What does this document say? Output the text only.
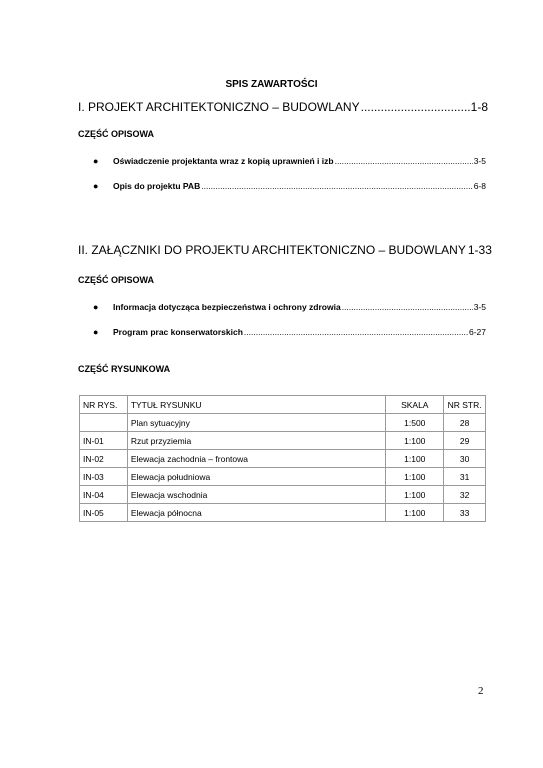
SPIS ZAWARTOŚCI
I. PROJEKT ARCHITEKTONICZNO – BUDOWLANY .....	1-8
CZĘŚĆ OPISOWA
●	Oświadczenie projektanta wraz z kopią uprawnień i izb .....	3-5
●	Opis do projektu PAB .....	6-8
II. ZAŁĄCZNIKI DO PROJEKTU ARCHITEKTONICZNO – BUDOWLANY 1-33
CZĘŚĆ OPISOWA
●	Informacja dotycząca bezpieczeństwa i ochrony zdrowia .....	3-5
●	Program prac konserwatorskich .....	6-27
CZĘŚĆ RYSUNKOWA
NR RYS.	TYTUŁ RYSUNKU	SKALA	NR STR.
	Plan sytuacyjny	1:500	28
IN-01	Rzut przyziemia	1:100	29
IN-02	Elewacja zachodnia – frontowa	1:100	30
IN-03	Elewacja południowa	1:100	31
IN-04	Elewacja wschodnia	1:100	32
IN-05	Elewacja północna	1:100	33
2
